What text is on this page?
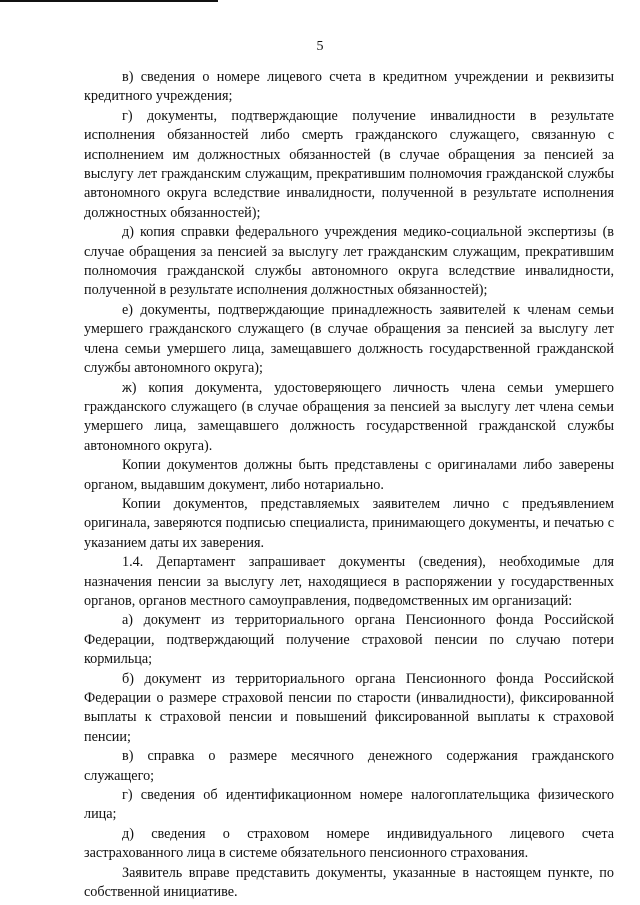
5

в) сведения о номере лицевого счета в кредитном учреждении и реквизиты кредитного учреждения;

г) документы, подтверждающие получение инвалидности в результате исполнения обязанностей либо смерть гражданского служащего, связанную с исполнением им должностных обязанностей (в случае обращения за пенсией за выслугу лет гражданским служащим, прекратившим полномочия гражданской службы автономного округа вследствие инвалидности, полученной в результате исполнения должностных обязанностей);

д) копия справки федерального учреждения медико-социальной экспертизы (в случае обращения за пенсией за выслугу лет гражданским служащим, прекратившим полномочия гражданской службы автономного округа вследствие инвалидности, полученной в результате исполнения должностных обязанностей);

е) документы, подтверждающие принадлежность заявителей к членам семьи умершего гражданского служащего (в случае обращения за пенсией за выслугу лет члена семьи умершего лица, замещавшего должность государственной гражданской службы автономного округа);

ж) копия документа, удостоверяющего личность члена семьи умершего гражданского служащего (в случае обращения за пенсией за выслугу лет члена семьи умершего лица, замещавшего должность государственной гражданской службы автономного округа).

Копии документов должны быть представлены с оригиналами либо заверены органом, выдавшим документ, либо нотариально.

Копии документов, представляемых заявителем лично с предъявлением оригинала, заверяются подписью специалиста, принимающего документы, и печатью с указанием даты их заверения.

1.4. Департамент запрашивает документы (сведения), необходимые для назначения пенсии за выслугу лет, находящиеся в распоряжении у государственных органов, органов местного самоуправления, подведомственных им организаций:

а) документ из территориального органа Пенсионного фонда Российской Федерации, подтверждающий получение страховой пенсии по случаю потери кормильца;

б) документ из территориального органа Пенсионного фонда Российской Федерации о размере страховой пенсии по старости (инвалидности), фиксированной выплаты к страховой пенсии и повышений фиксированной выплаты к страховой пенсии;

в) справка о размере месячного денежного содержания гражданского служащего;

г) сведения об идентификационном номере налогоплательщика физического лица;

д) сведения о страховом номере индивидуального лицевого счета застрахованного лица в системе обязательного пенсионного страхования.

Заявитель вправе представить документы, указанные в настоящем пункте, по собственной инициативе.
